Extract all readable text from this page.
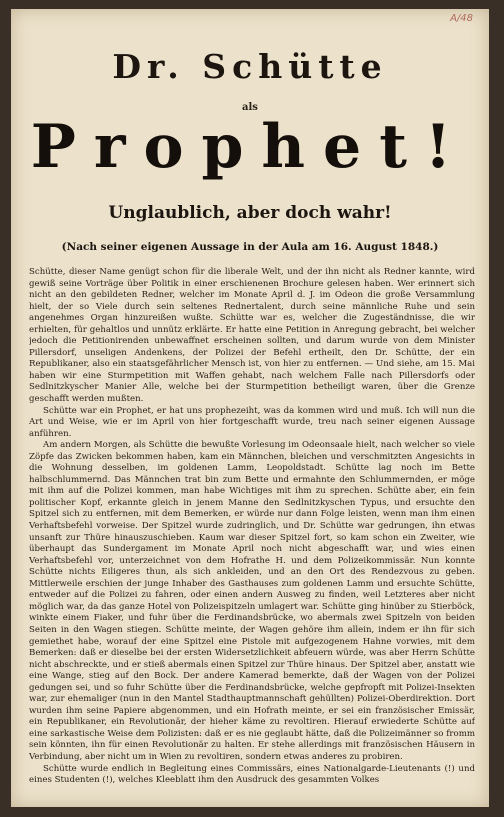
A/48
Dr. Schütte
als
Prophet!
Unglaublich, aber doch wahr!
(Nach seiner eigenen Aussage in der Aula am 16. August 1848.)

Schütte, dieser Name genügt schon für die liberale Welt, und der ihn nicht als Redner kannte, wird gewiß seine Vorträge über Politik in einer erschienenen Brochure gelesen haben. Wer erinnert sich nicht an den gebildeten Redner, welcher im Monate April d. J. im Odeon die große Versammlung hielt, der so Viele durch sein seltenes Rednertalent, durch seine männliche Ruhe und sein angenehmes Organ hinzureißen wußte. Schütte war es, welcher die Zugeständnisse, die wir erhielten, für gehaltlos und unnütz erklärte. Er hatte eine Petition in Anregung gebracht, bei welcher jedoch die Petitionirenden unbewaffnet erscheinen sollten, und darum wurde von dem Minister Pillersdorf, unseligen Andenkens, der Polizei der Befehl ertheilt, den Dr. Schütte, der ein Republikaner, also ein staatsgefährlicher Mensch ist, von hier zu entfernen. — Und siehe, am 15. Mai haben wir eine Sturmpetition mit Waffen gehabt, nach welchem Falle nach Pillersdorfs oder Sedlnitzkyscher Manier Alle, welche bei der Sturmpetition betheiligt waren, über die Grenze geschafft werden mußten.

Schütte war ein Prophet, er hat uns prophezeiht, was da kommen wird und muß. Ich will nun die Art und Weise, wie er im April von hier fortgeschafft wurde, treu nach seiner eigenen Aussage anführen.

Am andern Morgen, als Schütte die bewußte Vorlesung im Odeonsaale hielt, nach welcher so viele Zöpfe das Zwicken bekommen haben, kam ein Männchen, bleichen und verschmitzten Angesichts in die Wohnung desselben, im goldenen Lamm, Leopoldstadt. Schütte lag noch im Bette halbschlummernd. Das Männchen trat bin zum Bette und ermahnte den Schlummernden, er möge mit ihm auf die Polizei kommen, man habe Wichtiges mit ihm zu sprechen. Schütte aber, ein fein politischer Kopf, erkannte gleich in jenem Manne den Sedlnitzkyschen Typus, und ersuchte den Spitzel sich zu entfernen, mit dem Bemerken, er würde nur dann Folge leisten, wenn man ihm einen Verhaftsbefehl vorweise. Der Spitzel wurde zudringlich, und Dr. Schütte war gedrungen, ihn etwas unsanft zur Thüre hinauszuschieben. Kaum war dieser Spitzel fort, so kam schon ein Zweiter, wie überhaupt das Sundergament im Monate April noch nicht abgeschafft war, und wies einen Verhaftsbefehl vor, unterzeichnet von dem Hofrathe H. und dem Polizeikommissär. Nun konnte Schütte nichts Eiligeres thun, als sich ankleiden, und an den Ort des Rendezvous zu geben. Mittlerweile erschien der junge Inhaber des Gasthauses zum goldenen Lamm und ersuchte Schütte, entweder auf die Polizei zu fahren, oder einen andern Ausweg zu finden, weil Letzteres aber nicht möglich war, da das ganze Hotel von Polizeispitzeln umlagert war. Schütte ging hinüber zu Stierböck, winkte einem Fiaker, und fuhr über die Ferdinandsbrücke, wo abermals zwei Spitzeln von beiden Seiten in den Wagen stiegen. Schütte meinte, der Wagen gehöre ihm allein, indem er ihn für sich gemiethet habe, worauf der eine Spitzel eine Pistole mit aufgezogenem Hahne vorwies, mit dem Bemerken: daß er dieselbe bei der ersten Widersetzlichkeit abfeuern würde, was aber Herrn Schütte nicht abschreckte, und er stieß abermals einen Spitzel zur Thüre hinaus. Der Spitzel aber, anstatt wie eine Wange, stieg auf den Bock. Der andere Kamerad bemerkte, daß der Wagen von der Polizei gedungen sei, und so fuhr Schütte über die Ferdinandsbrücke, welche gepfropft mit Polizei-Insekten war, zur ehemaliger (nun in den Mantel Stadthauptmannschaft gehüllten) Polizei-Oberdirektion. Dort wurden ihm seine Papiere abgenommen, und ein Hofrath meinte, er sei ein französischer Emissär, ein Republikaner, ein Revolutionär, der hieher käme zu revoltiren. Hierauf erwiederte Schütte auf eine sarkastische Weise dem Polizisten: daß er es nie geglaubt hätte, daß die Polizeimänner so fromm sein könnten, ihn für einen Revolutionär zu halten. Er stehe allerdings mit französischen Häusern in Verbindung, aber nicht um in Wien zu revoltiren, sondern etwas anderes zu probiren.

Schütte wurde endlich in Begleitung eines Commissärs, eines Nationalgarde-Lieutenants (!) und eines Studenten (!), welches Kleeblatt ihm den Ausdruck des gesammten Volkes
